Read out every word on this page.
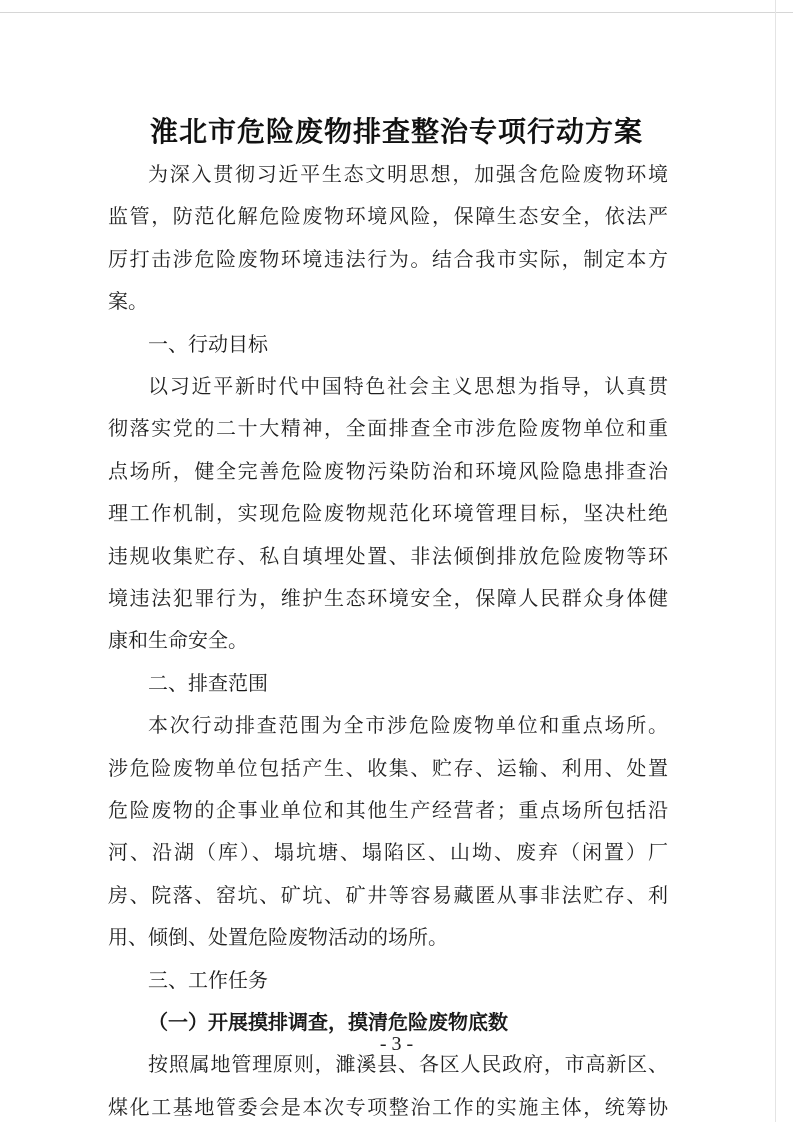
淮北市危险废物排查整治专项行动方案
- 3 -
为深入贯彻习近平生态文明思想，加强含危险废物环境
监管，防范化解危险废物环境风险，保障生态安全，依法严
厉打击涉危险废物环境违法行为。结合我市实际，制定本方
案。
一、行动目标
以习近平新时代中国特色社会主义思想为指导，认真贯
彻落实党的二十大精神，全面排查全市涉危险废物单位和重
点场所，健全完善危险废物污染防治和环境风险隐患排查治
理工作机制，实现危险废物规范化环境管理目标，坚决杜绝
违规收集贮存、私自填埋处置、非法倾倒排放危险废物等环
境违法犯罪行为，维护生态环境安全，保障人民群众身体健
康和生命安全。
二、排查范围
本次行动排查范围为全市涉危险废物单位和重点场所。
涉危险废物单位包括产生、收集、贮存、运输、利用、处置
危险废物的企事业单位和其他生产经营者；重点场所包括沿
河、沿湖（库）、塌坑塘、塌陷区、山坳、废弃（闲置）厂
房、院落、窑坑、矿坑、矿井等容易藏匿从事非法贮存、利
用、倾倒、处置危险废物活动的场所。
三、工作任务
（一）开展摸排调查，摸清危险废物底数
按照属地管理原则，濉溪县、各区人民政府，市高新区、
煤化工基地管委会是本次专项整治工作的实施主体，统筹协
